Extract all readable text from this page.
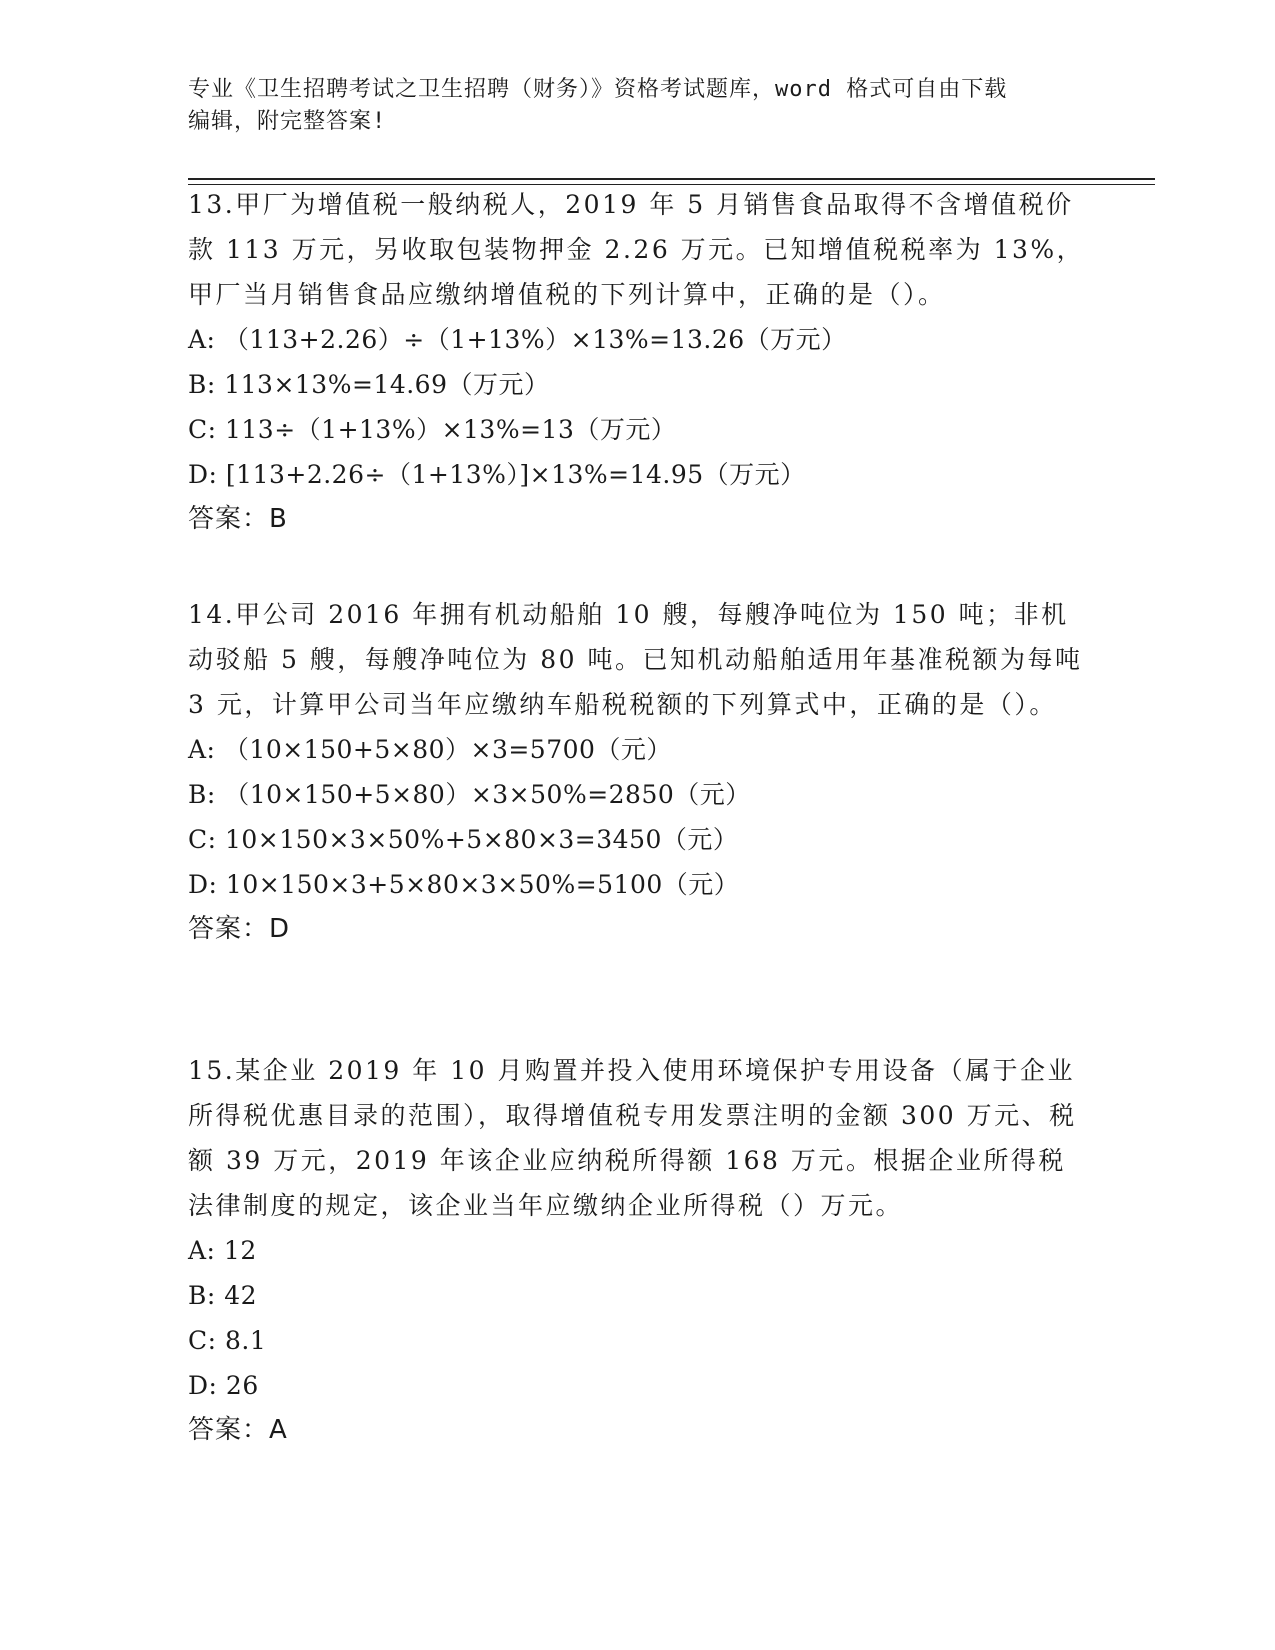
专业《卫生招聘考试之卫生招聘（财务）》资格考试题库，word 格式可自由下载
编辑，附完整答案!

13.甲厂为增值税一般纳税人，2019 年 5 月销售食品取得不含增值税价款 113 万元，另收取包装物押金 2.26 万元。已知增值税税率为 13%，甲厂当月销售食品应缴纳增值税的下列计算中，正确的是（）。

A: （113+2.26）÷（1+13%）×13%=13.26（万元）

B: 113×13%=14.69（万元）

C: 113÷（1+13%）×13%=13（万元）

D: [113+2.26÷（1+13%）]×13%=14.95（万元）

答案：B

14.甲公司 2016 年拥有机动船舶 10 艘，每艘净吨位为 150 吨；非机动驳船 5 艘，每艘净吨位为 80 吨。已知机动船舶适用年基准税额为每吨 3 元，计算甲公司当年应缴纳车船税税额的下列算式中，正确的是（）。

A: （10×150+5×80）×3=5700（元）

B: （10×150+5×80）×3×50%=2850（元）

C: 10×150×3×50%+5×80×3=3450（元）

D: 10×150×3+5×80×3×50%=5100（元）

答案：D

15.某企业 2019 年 10 月购置并投入使用环境保护专用设备（属于企业所得税优惠目录的范围），取得增值税专用发票注明的金额 300 万元、税额 39 万元，2019 年该企业应纳税所得额 168 万元。根据企业所得税法律制度的规定，该企业当年应缴纳企业所得税（）万元。

A: 12

B: 42

C: 8.1

D: 26

答案：A
